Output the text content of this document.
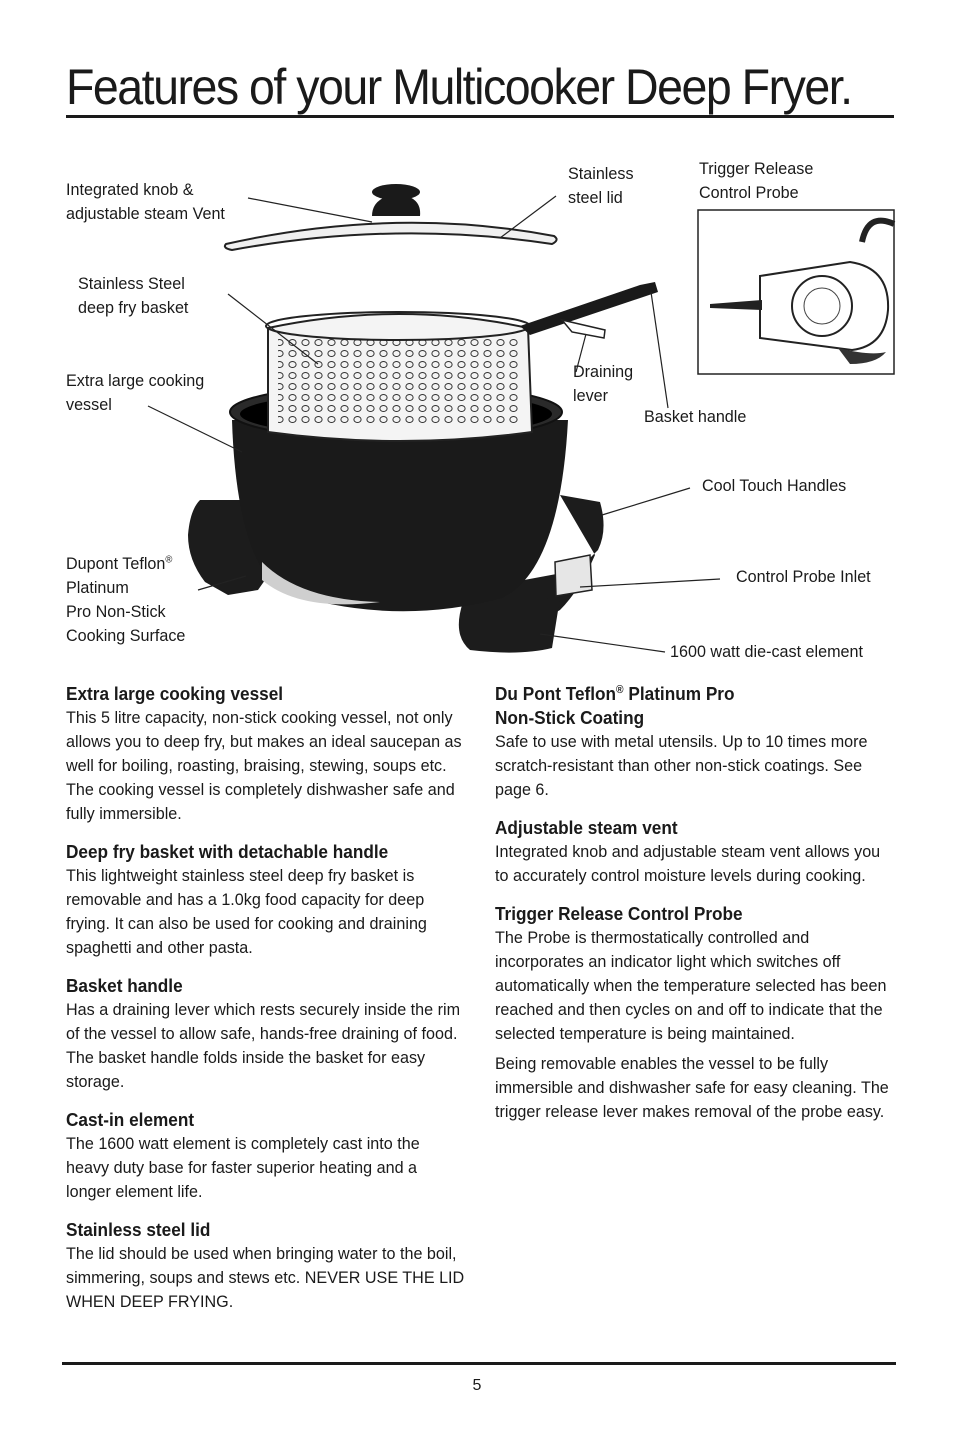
Features of your Multicooker Deep Fryer.
Integrated knob &
adjustable steam Vent
Stainless
steel lid
Trigger Release
Control Probe
Stainless Steel
deep fry basket
Extra large cooking
vessel
Draining
lever
Basket handle
Cool Touch Handles
Dupont Teflon®
Platinum
Pro Non-Stick
Cooking Surface
Control Probe Inlet
1600 watt die-cast element
Extra large cooking vessel

This 5 litre capacity, non-stick cooking vessel, not only allows you to deep fry, but makes an ideal saucepan as well for boiling, roasting, braising, stewing, soups etc. The cooking vessel is completely dishwasher safe and fully immersible.

Deep fry basket with detachable handle

This lightweight stainless steel deep fry basket is removable and has a 1.0kg food capacity for deep frying. It can also be used for cooking and draining spaghetti and other pasta.

Basket handle

Has a draining lever which rests securely inside the rim of the vessel to allow safe, hands-free draining of food. The basket handle folds inside the basket for easy storage.

Cast-in element

The 1600 watt element is completely cast into the heavy duty base for faster superior heating and a longer element life.

Stainless steel lid

The lid should be used when bringing water to the boil, simmering, soups and stews etc. NEVER USE THE LID WHEN DEEP FRYING.

Du Pont Teflon® Platinum Pro
Non-Stick Coating

Safe to use with metal utensils. Up to 10 times more scratch-resistant than other non-stick coatings. See page 6.

Adjustable steam vent

Integrated knob and adjustable steam vent allows you to accurately control moisture levels during cooking.

Trigger Release Control Probe

The Probe is thermostatically controlled and incorporates an indicator light which switches off automatically when the temperature selected has been reached and then cycles on and off to indicate that the selected temperature is being maintained.

Being removable enables the vessel to be fully immersible and dishwasher safe for easy cleaning. The trigger release lever makes removal of the probe easy.

5
